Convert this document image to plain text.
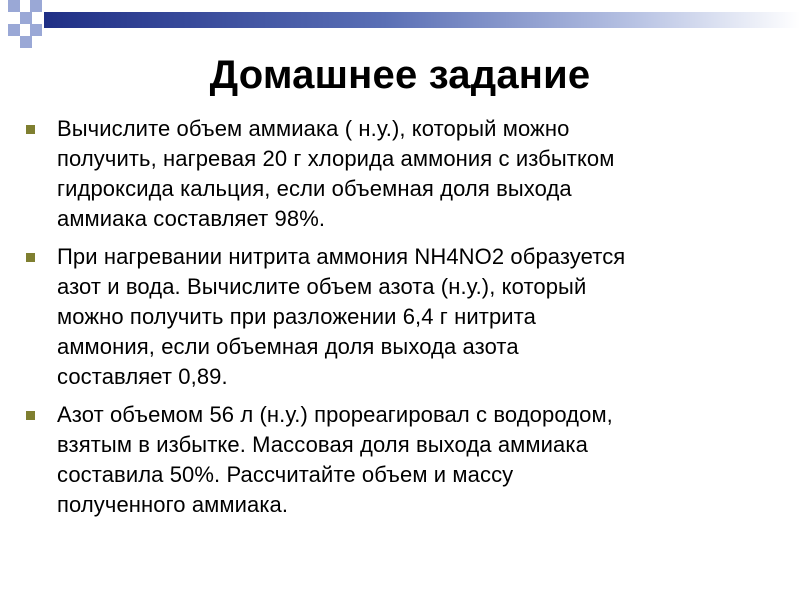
Домашнее задание
Вычислите объем аммиака ( н.у.), который можно
получить, нагревая 20 г хлорида аммония с избытком
гидроксида кальция, если объемная доля выхода
аммиака составляет 98%.
При нагревании нитрита аммония NH4NO2 образуется
азот и вода. Вычислите объем азота (н.у.), который
можно получить при разложении 6,4 г нитрита
аммония, если объемная доля выхода азота
составляет 0,89.
Азот объемом 56 л (н.у.) прореагировал с водородом,
взятым в избытке. Массовая доля выхода аммиака
составила 50%. Рассчитайте объем и массу
полученного аммиака.
